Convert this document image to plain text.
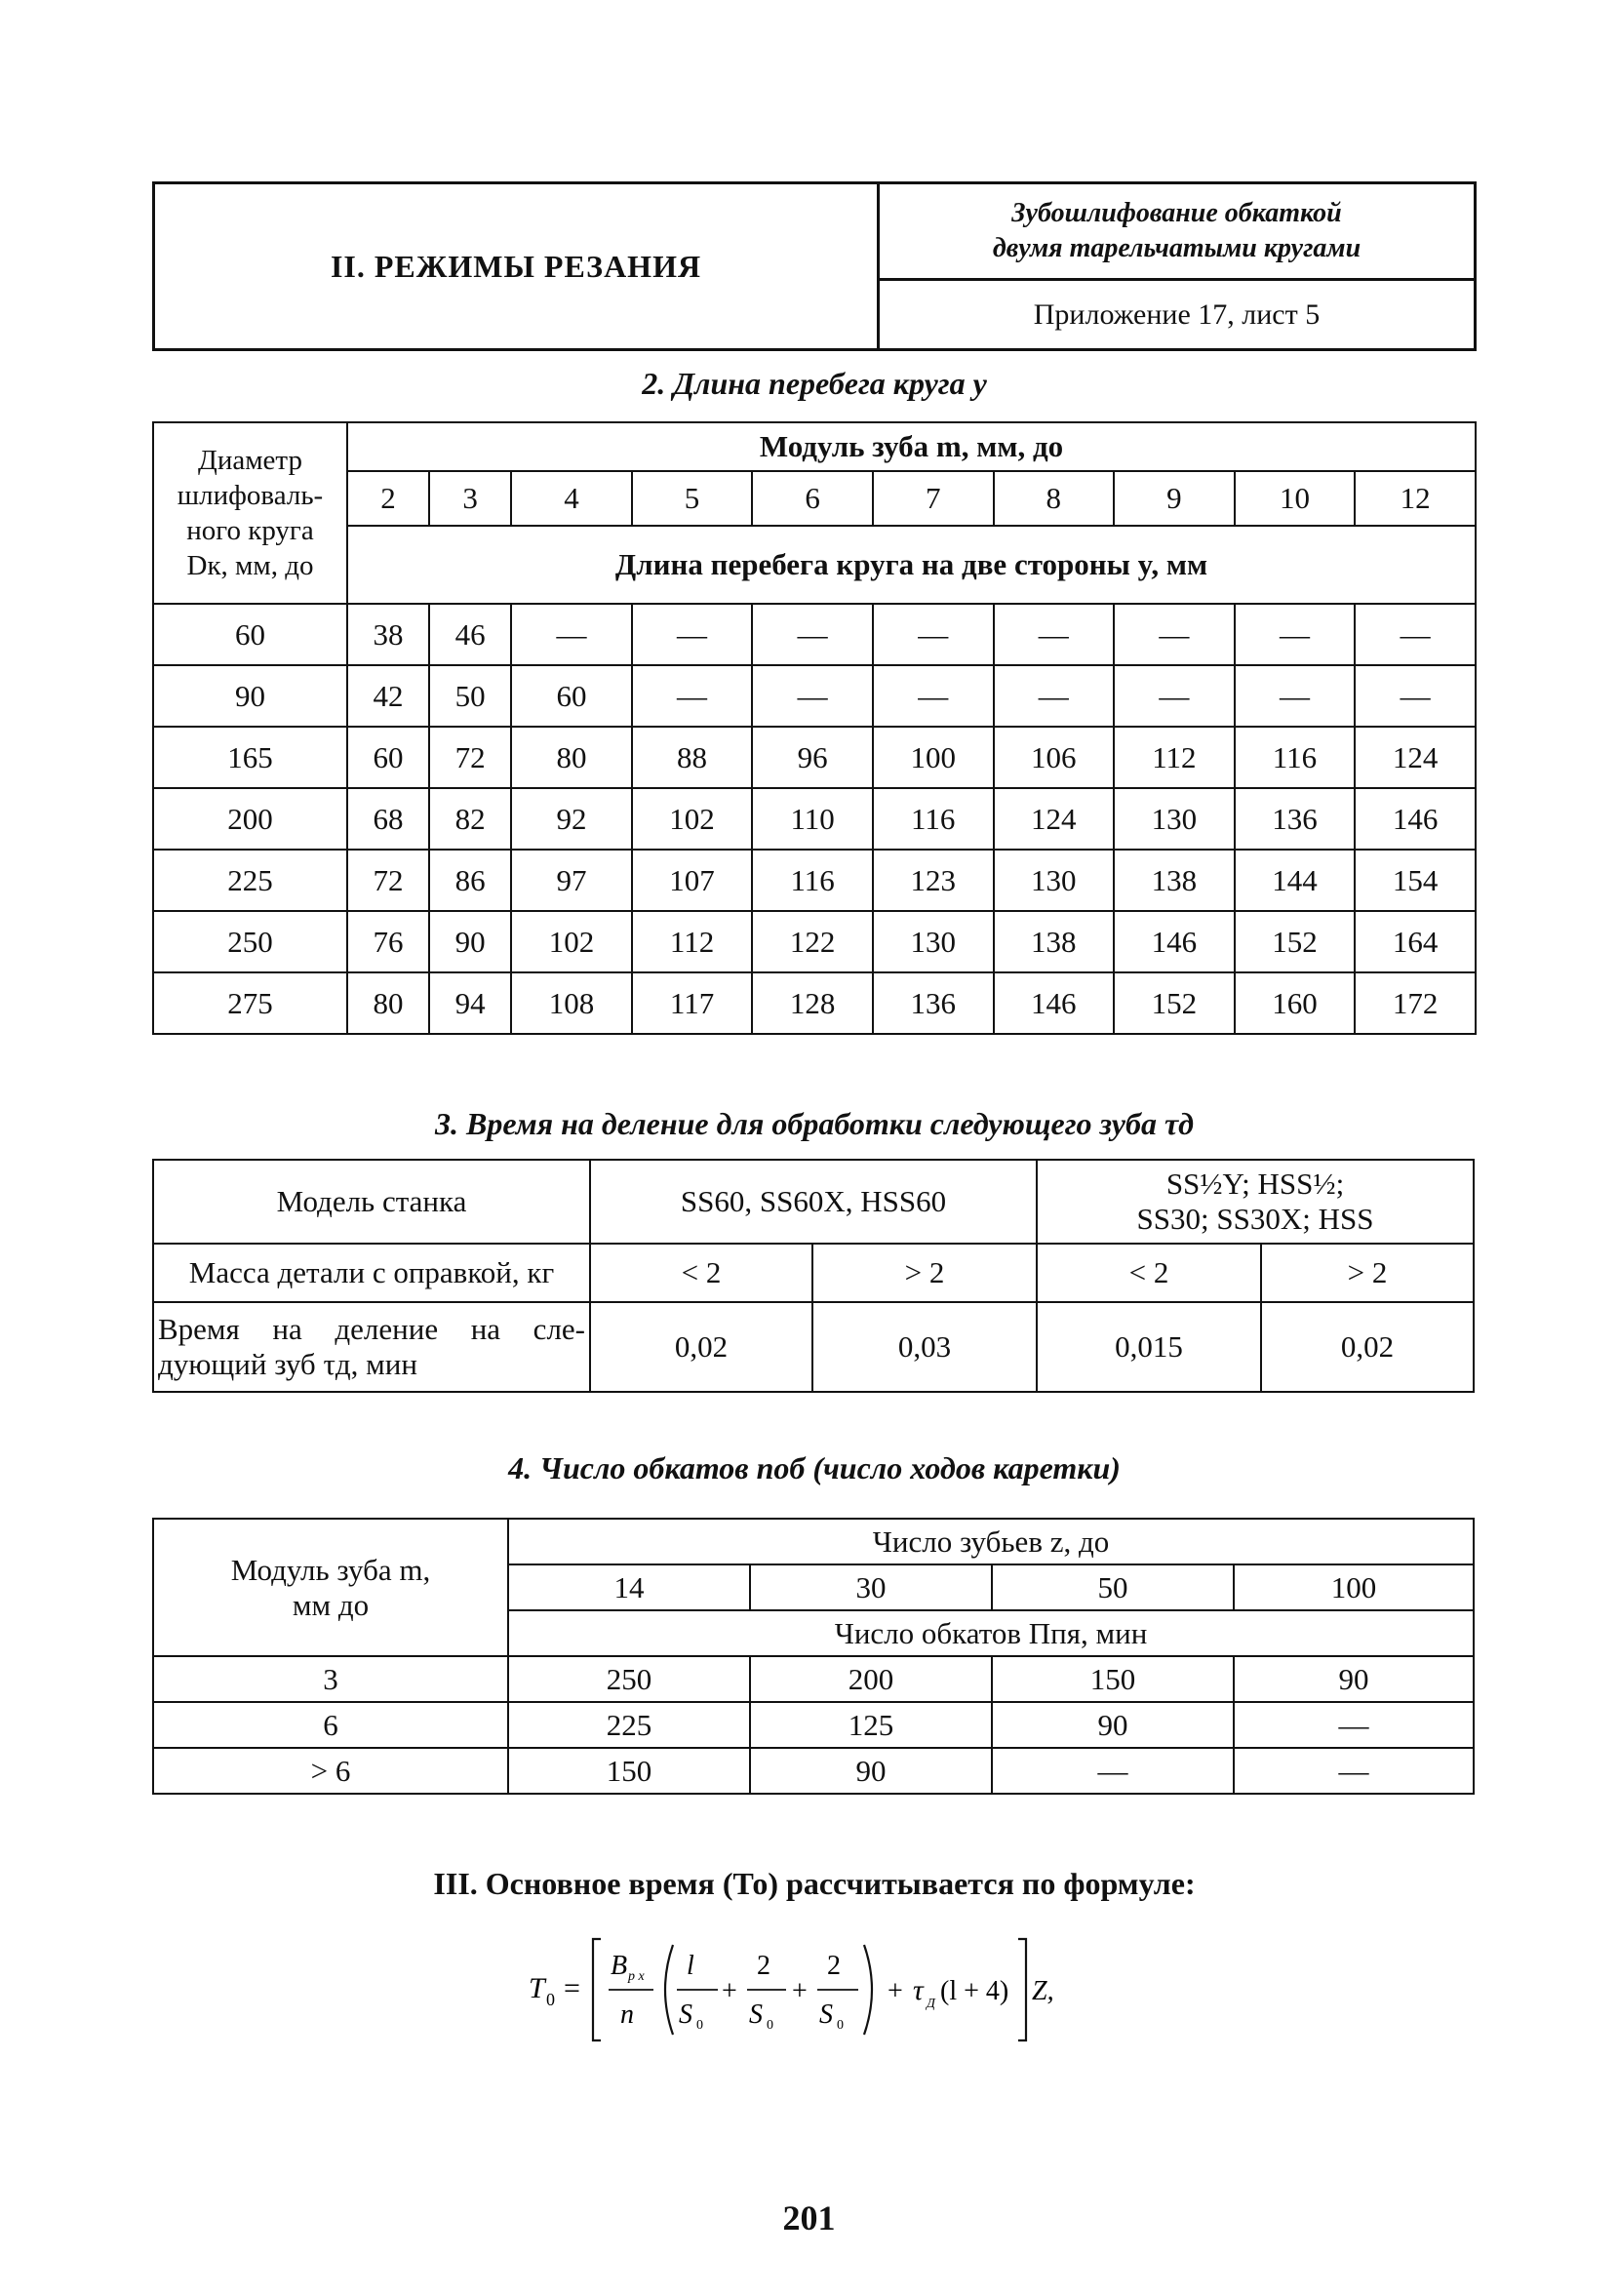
II. РЕЖИМЫ РЕЗАНИЯ	
Зубошлифование обкаткой
двумя тарельчатыми кругами

Приложение 17, лист 5
2. Длина перебега круга y
Диаметр
шлифоваль-
ного круга
Dк, мм, до	Модуль зуба m, мм, до									
	2	3	4	5	6	7	8	9	10	12
	Длина перебега круга на две стороны y, мм									
60	38	46	—	—	—	—	—	—	—	—
90	42	50	60	—	—	—	—	—	—	—
165	60	72	80	88	96	100	106	112	116	124
200	68	82	92	102	110	116	124	130	136	146
225	72	86	97	107	116	123	130	138	144	154
250	76	90	102	112	122	130	138	146	152	164
275	80	94	108	117	128	136	146	152	160	172
3. Время на деление для обработки следующего зуба τд
Модель станка	SS60, SS60X, HSS60		SS½Y; HSS½;
SS30; SS30X; HSS	

Масса детали с оправкой, кг	< 2	> 2	< 2	> 2

Время на деление на сле-
дующий зуб τд, мин	0,02	0,03	0,015	0,02
4. Число обкатов nоб (число ходов каретки)
Модуль зуба m,
мм до	Число зубьев z, до			
	14	30	50	100
	Число обкатов Ппя, мин			
3	250	200	150	90
6	225	125	90	—
> 6	150	90	—	—
III. Основное время (То) рассчитывается по формуле:
T 0 =
B p x
n
l
S 0
+
2
S 0
+
2
S 0
+ τ Д (l + 4) Z,
201
